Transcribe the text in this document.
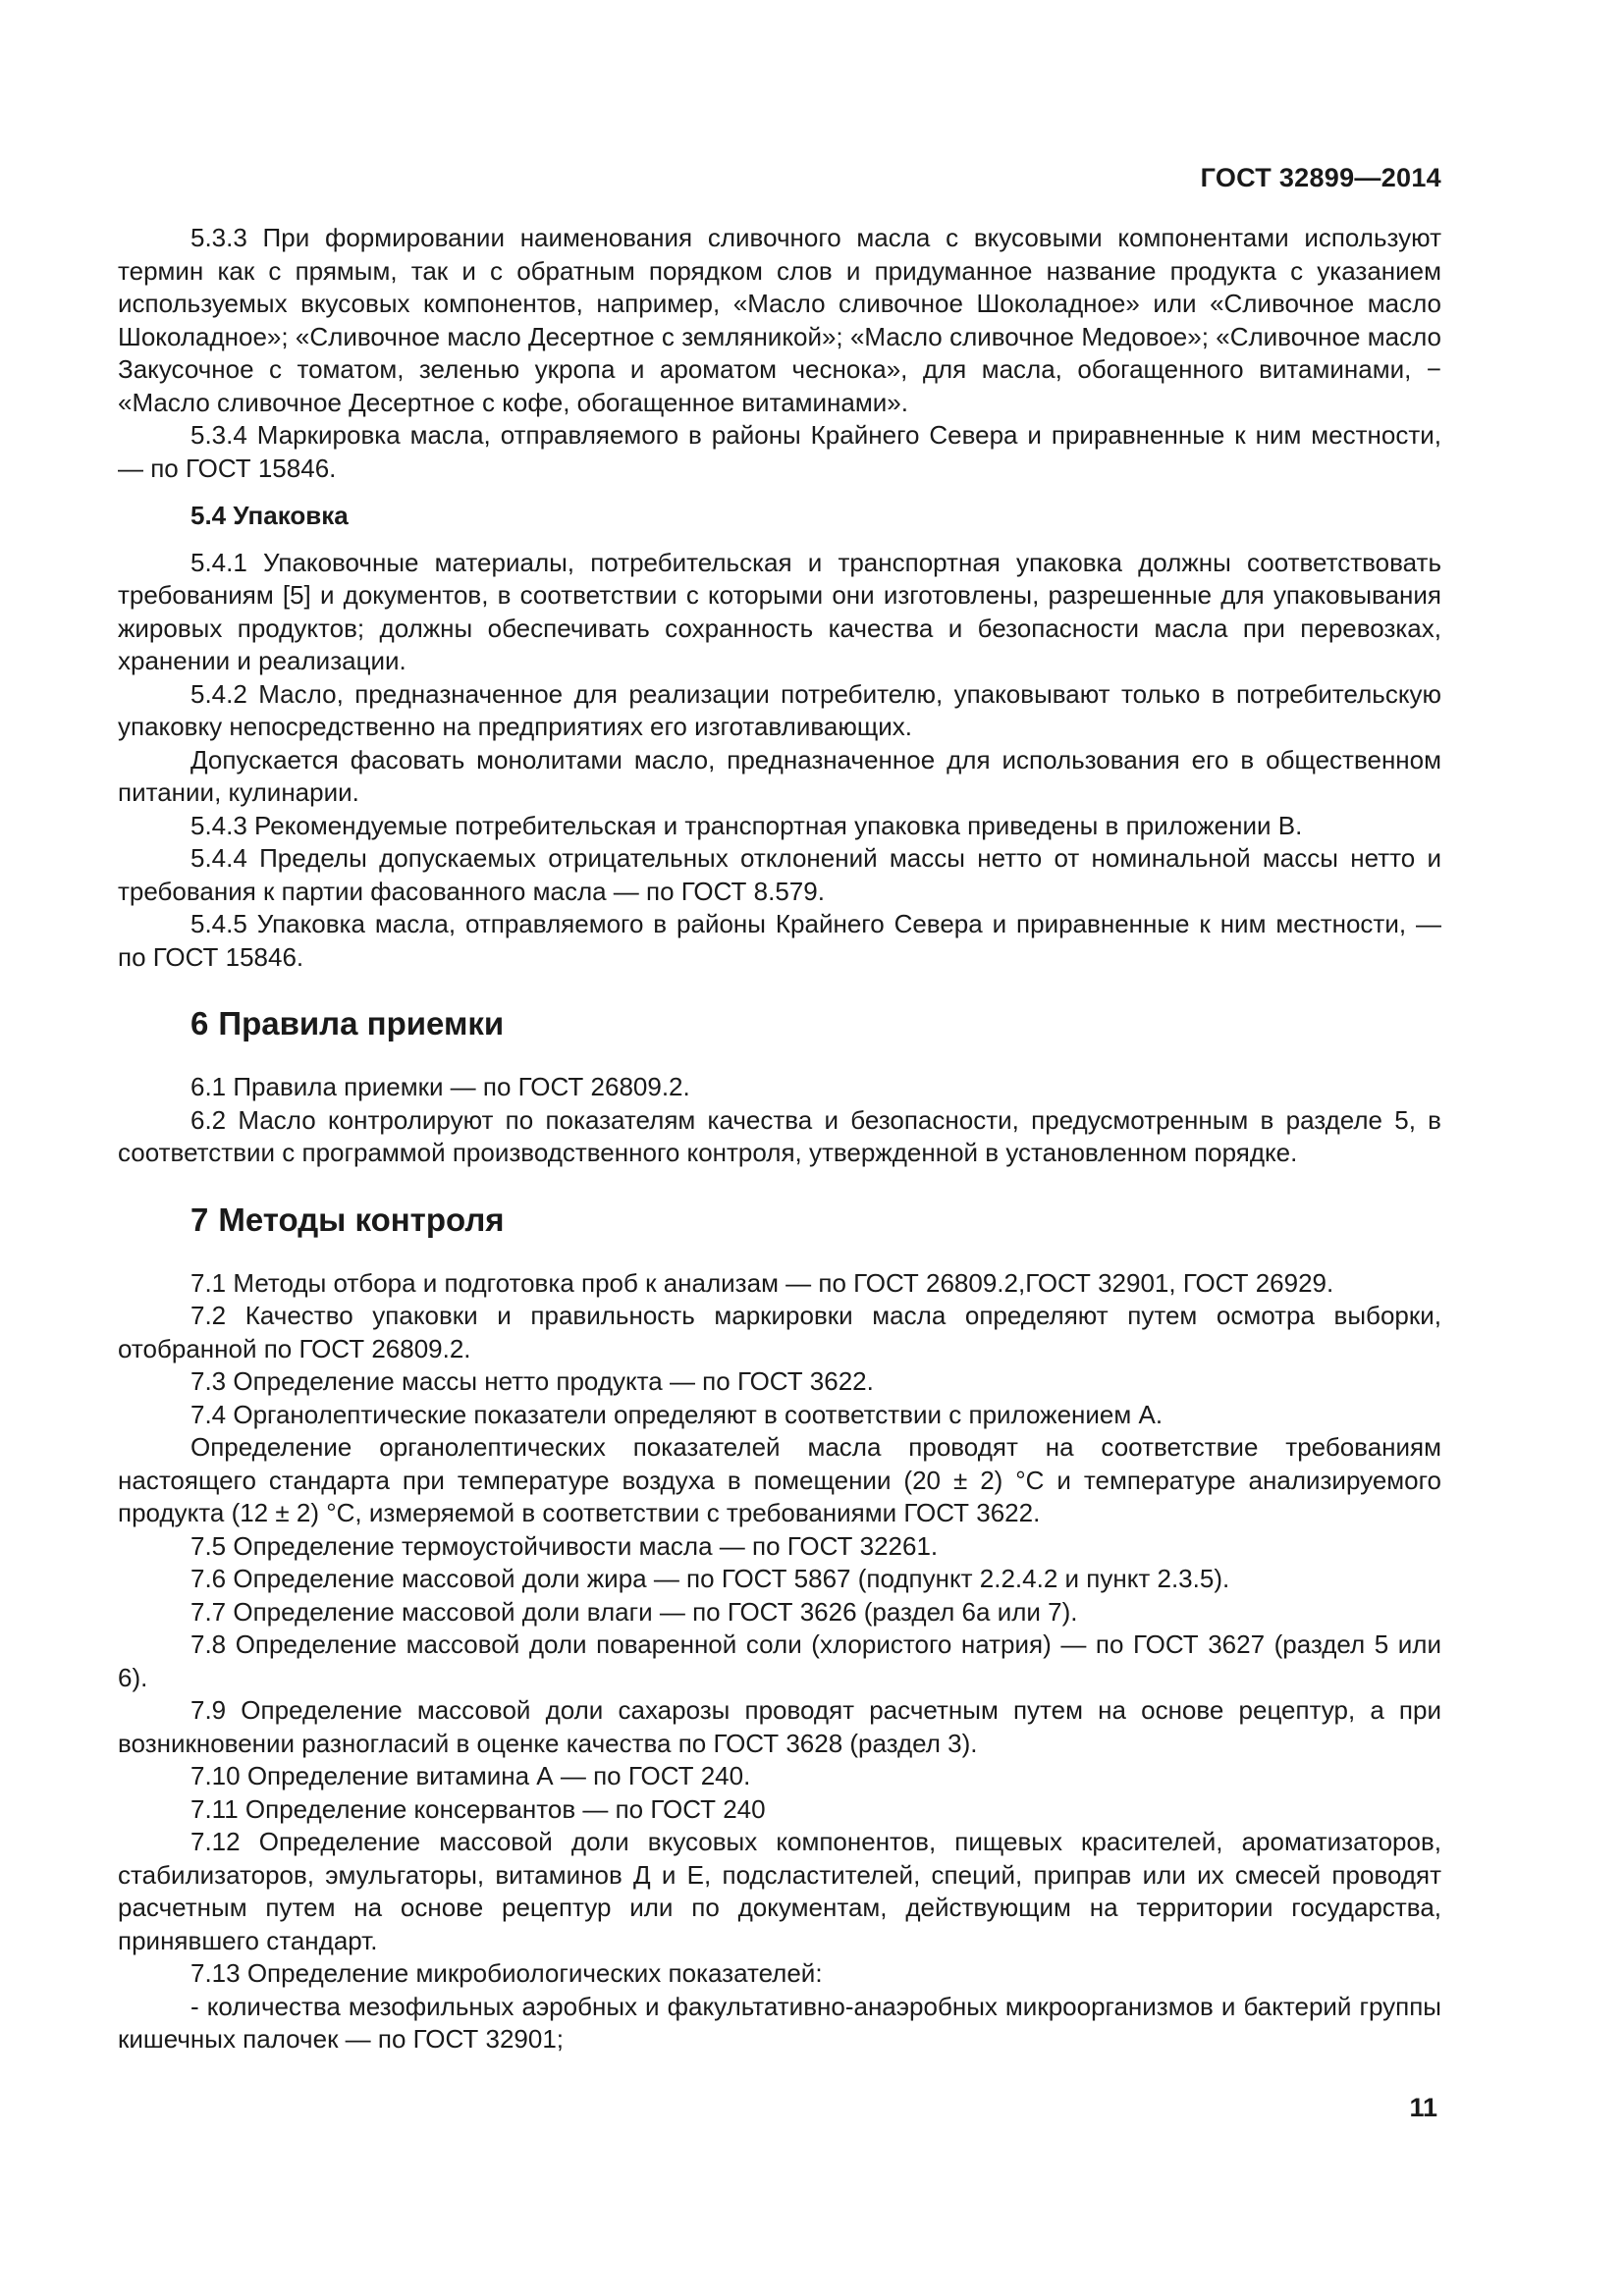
ГОСТ 32899—2014

5.3.3 При формировании наименования сливочного масла с вкусовыми компонентами используют термин как с прямым, так и с обратным порядком слов и придуманное название продукта с указанием используемых вкусовых компонентов, например, «Масло сливочное Шоколадное» или «Сливочное масло Шоколадное»; «Сливочное масло Десертное с земляникой»; «Масло сливочное Медовое»; «Сливочное масло Закусочное с томатом, зеленью укропа и ароматом чеснока», для масла, обогащенного витаминами, − «Масло сливочное Десертное с кофе, обогащенное витаминами».

5.3.4 Маркировка масла, отправляемого в районы Крайнего Севера и приравненные к ним местности, — по ГОСТ 15846.

5.4 Упаковка

5.4.1 Упаковочные материалы, потребительская и транспортная упаковка должны соответствовать требованиям [5] и документов, в соответствии с которыми они изготовлены, разрешенные для упаковывания жировых продуктов; должны обеспечивать сохранность качества и безопасности масла при перевозках, хранении и реализации.

5.4.2 Масло, предназначенное для реализации потребителю, упаковывают только в потребительскую упаковку непосредственно на предприятиях его изготавливающих.

Допускается фасовать монолитами масло, предназначенное для использования его в общественном питании, кулинарии.

5.4.3 Рекомендуемые потребительская и транспортная упаковка приведены в приложении В.

5.4.4 Пределы допускаемых отрицательных отклонений массы нетто от номинальной массы нетто и требования к партии фасованного масла — по ГОСТ 8.579.

5.4.5 Упаковка масла, отправляемого в районы Крайнего Севера и приравненные к ним местности, — по ГОСТ 15846.

6 Правила приемки

6.1 Правила приемки — по ГОСТ 26809.2.

6.2 Масло контролируют по показателям качества и безопасности, предусмотренным в разделе 5, в соответствии с программой производственного контроля, утвержденной в установленном порядке.

7 Методы контроля

7.1 Методы отбора и подготовка проб к анализам — по ГОСТ 26809.2,ГОСТ 32901, ГОСТ 26929.

7.2 Качество упаковки и правильность маркировки масла определяют путем осмотра выборки, отобранной по ГОСТ 26809.2.

7.3 Определение массы нетто продукта — по ГОСТ 3622.

7.4 Органолептические показатели определяют в соответствии с приложением А.

Определение органолептических показателей масла проводят на соответствие требованиям настоящего стандарта при температуре воздуха в помещении (20 ± 2) °С и температуре анализируемого продукта (12 ± 2) °С, измеряемой в соответствии с требованиями ГОСТ 3622.

7.5 Определение термоустойчивости масла — по ГОСТ 32261.

7.6 Определение массовой доли жира — по ГОСТ 5867 (подпункт 2.2.4.2 и пункт 2.3.5).

7.7 Определение массовой доли влаги — по ГОСТ 3626 (раздел 6а или 7).

7.8 Определение массовой доли поваренной соли (хлористого натрия) — по ГОСТ 3627 (раздел 5 или 6).

7.9 Определение массовой доли сахарозы проводят расчетным путем на основе рецептур, а при возникновении разногласий в оценке качества по ГОСТ 3628 (раздел 3).

7.10 Определение витамина А — по ГОСТ 240.

7.11 Определение консервантов — по ГОСТ 240

7.12 Определение массовой доли вкусовых компонентов, пищевых красителей, ароматизаторов, стабилизаторов, эмульгаторы, витаминов Д и Е, подсластителей, специй, приправ или их смесей проводят расчетным путем на основе рецептур или по документам, действующим на территории государства, принявшего стандарт.

7.13 Определение микробиологических показателей:

- количества мезофильных аэробных и факультативно-анаэробных микроорганизмов и бактерий группы кишечных палочек — по ГОСТ 32901;

11
